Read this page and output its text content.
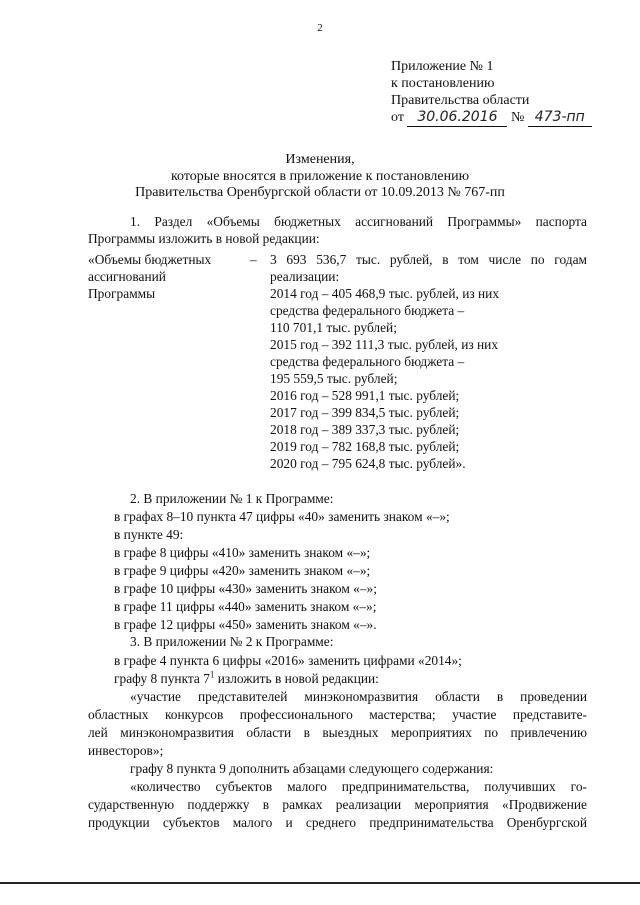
2
Приложение № 1
к постановлению
Правительства области
от 30.06.2016 № 473-пп
Изменения,
которые вносятся в приложение к постановлению
Правительства Оренбургской области от 10.09.2013 № 767-пп
1. Раздел «Объемы бюджетных ассигнований Программы» паспорта
Программы изложить в новой редакции:
«Объемы бюджетных
ассигнований
Программы
– 3 693 536,7 тыс. рублей, в том числе по годам
реализации:
2014 год – 405 468,9 тыс. рублей, из них
средства федерального бюджета –
110 701,1 тыс. рублей;
2015 год – 392 111,3 тыс. рублей, из них
средства федерального бюджета –
195 559,5 тыс. рублей;
2016 год – 528 991,1 тыс. рублей;
2017 год – 399 834,5 тыс. рублей;
2018 год – 389 337,3 тыс. рублей;
2019 год – 782 168,8 тыс. рублей;
2020 год – 795 624,8 тыс. рублей».
2. В приложении № 1 к Программе:
в графах 8–10 пункта 47 цифры «40» заменить знаком «–»;
в пункте 49:
в графе 8 цифры «410» заменить знаком «–»;
в графе 9 цифры «420» заменить знаком «–»;
в графе 10 цифры «430» заменить знаком «–»;
в графе 11 цифры «440» заменить знаком «–»;
в графе 12 цифры «450» заменить знаком «–».
3. В приложении № 2 к Программе:
в графе 4 пункта 6 цифры «2016» заменить цифрами «2014»;
графу 8 пункта $7^1$ изложить в новой редакции:
«участие представителей минэкономразвития области в проведении
областных конкурсов профессионального мастерства; участие представите-
лей минэкономразвития области в выездных мероприятиях по привлечению
инвесторов»;
графу 8 пункта 9 дополнить абзацами следующего содержания:
«количество субъектов малого предпринимательства, получивших го-
сударственную поддержку в рамках реализации мероприятия «Продвижение
продукции субъектов малого и среднего предпринимательства Оренбургской
